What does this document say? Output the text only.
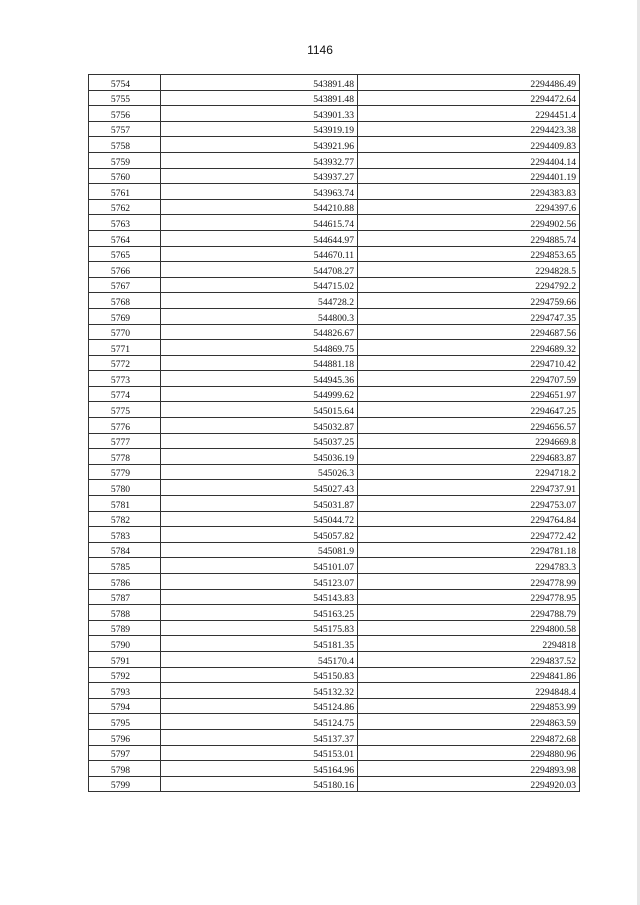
1146
5754	543891.48	2294486.49
5755	543891.48	2294472.64
5756	543901.33	2294451.4
5757	543919.19	2294423.38
5758	543921.96	2294409.83
5759	543932.77	2294404.14
5760	543937.27	2294401.19
5761	543963.74	2294383.83
5762	544210.88	2294397.6
5763	544615.74	2294902.56
5764	544644.97	2294885.74
5765	544670.11	2294853.65
5766	544708.27	2294828.5
5767	544715.02	2294792.2
5768	544728.2	2294759.66
5769	544800.3	2294747.35
5770	544826.67	2294687.56
5771	544869.75	2294689.32
5772	544881.18	2294710.42
5773	544945.36	2294707.59
5774	544999.62	2294651.97
5775	545015.64	2294647.25
5776	545032.87	2294656.57
5777	545037.25	2294669.8
5778	545036.19	2294683.87
5779	545026.3	2294718.2
5780	545027.43	2294737.91
5781	545031.87	2294753.07
5782	545044.72	2294764.84
5783	545057.82	2294772.42
5784	545081.9	2294781.18
5785	545101.07	2294783.3
5786	545123.07	2294778.99
5787	545143.83	2294778.95
5788	545163.25	2294788.79
5789	545175.83	2294800.58
5790	545181.35	2294818
5791	545170.4	2294837.52
5792	545150.83	2294841.86
5793	545132.32	2294848.4
5794	545124.86	2294853.99
5795	545124.75	2294863.59
5796	545137.37	2294872.68
5797	545153.01	2294880.96
5798	545164.96	2294893.98
5799	545180.16	2294920.03
